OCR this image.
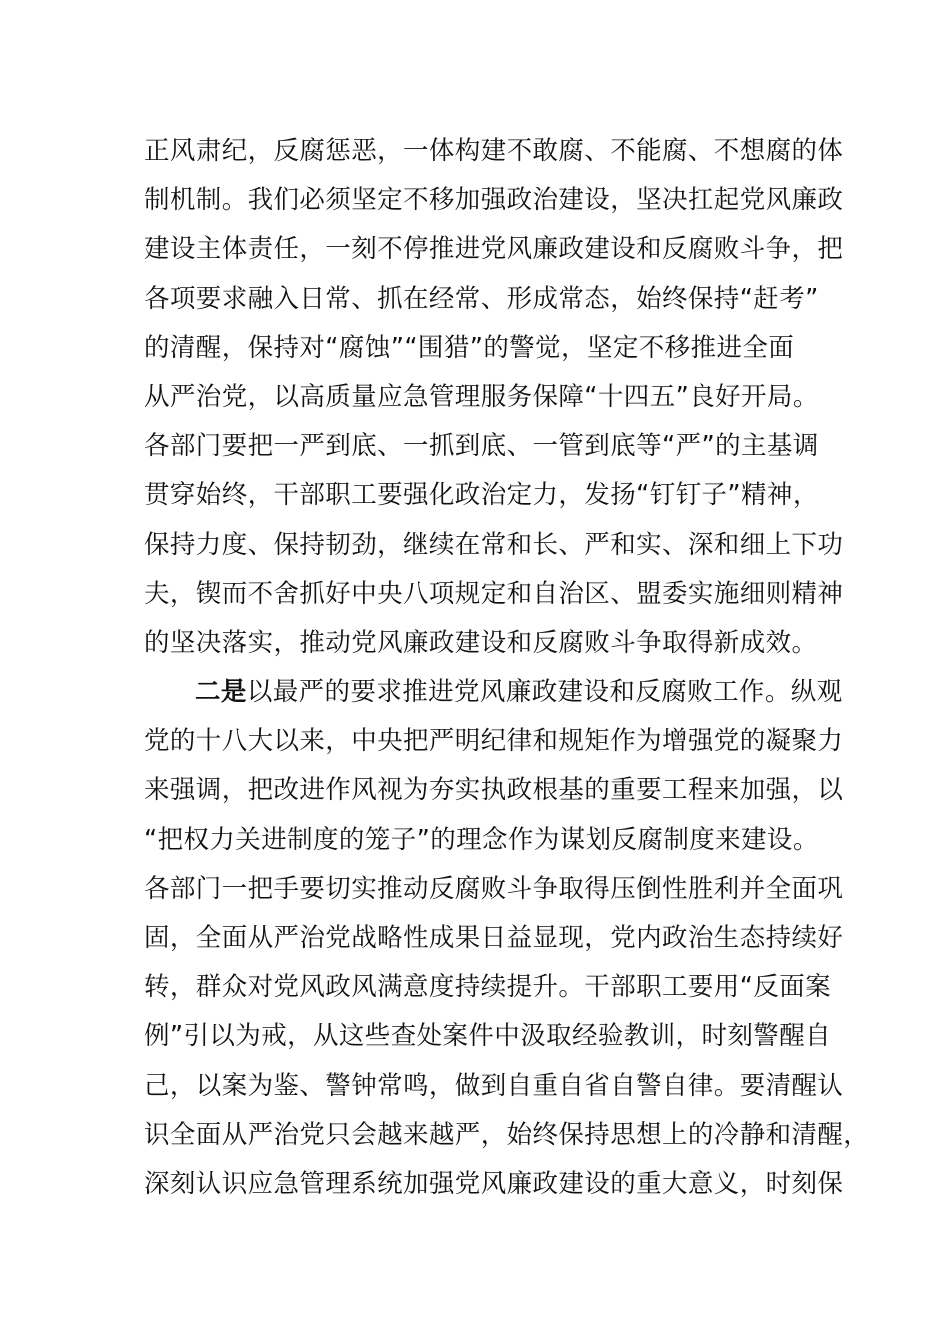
正风肃纪，反腐惩恶，一体构建不敢腐、不能腐、不想腐的体
制机制。我们必须坚定不移加强政治建设，坚决扛起党风廉政
建设主体责任，一刻不停推进党风廉政建设和反腐败斗争，把
各项要求融入日常、抓在经常、形成常态，始终保持“赶考”
的清醒，保持对“腐蚀”“围猎”的警觉，坚定不移推进全面
从严治党，以高质量应急管理服务保障“十四五”良好开局。
各部门要把一严到底、一抓到底、一管到底等“严”的主基调
贯穿始终，干部职工要强化政治定力，发扬“钉钉子”精神，
保持力度、保持韧劲，继续在常和长、严和实、深和细上下功
夫，锲而不舍抓好中央八项规定和自治区、盟委实施细则精神
的坚决落实，推动党风廉政建设和反腐败斗争取得新成效。
二是以最严的要求推进党风廉政建设和反腐败工作。纵观
党的十八大以来，中央把严明纪律和规矩作为增强党的凝聚力
来强调，把改进作风视为夯实执政根基的重要工程来加强，以
“把权力关进制度的笼子”的理念作为谋划反腐制度来建设。
各部门一把手要切实推动反腐败斗争取得压倒性胜利并全面巩
固，全面从严治党战略性成果日益显现，党内政治生态持续好
转，群众对党风政风满意度持续提升。干部职工要用“反面案
例”引以为戒，从这些查处案件中汲取经验教训，时刻警醒自
己，以案为鉴、警钟常鸣，做到自重自省自警自律。要清醒认
识全面从严治党只会越来越严，始终保持思想上的冷静和清醒，
深刻认识应急管理系统加强党风廉政建设的重大意义，时刻保
